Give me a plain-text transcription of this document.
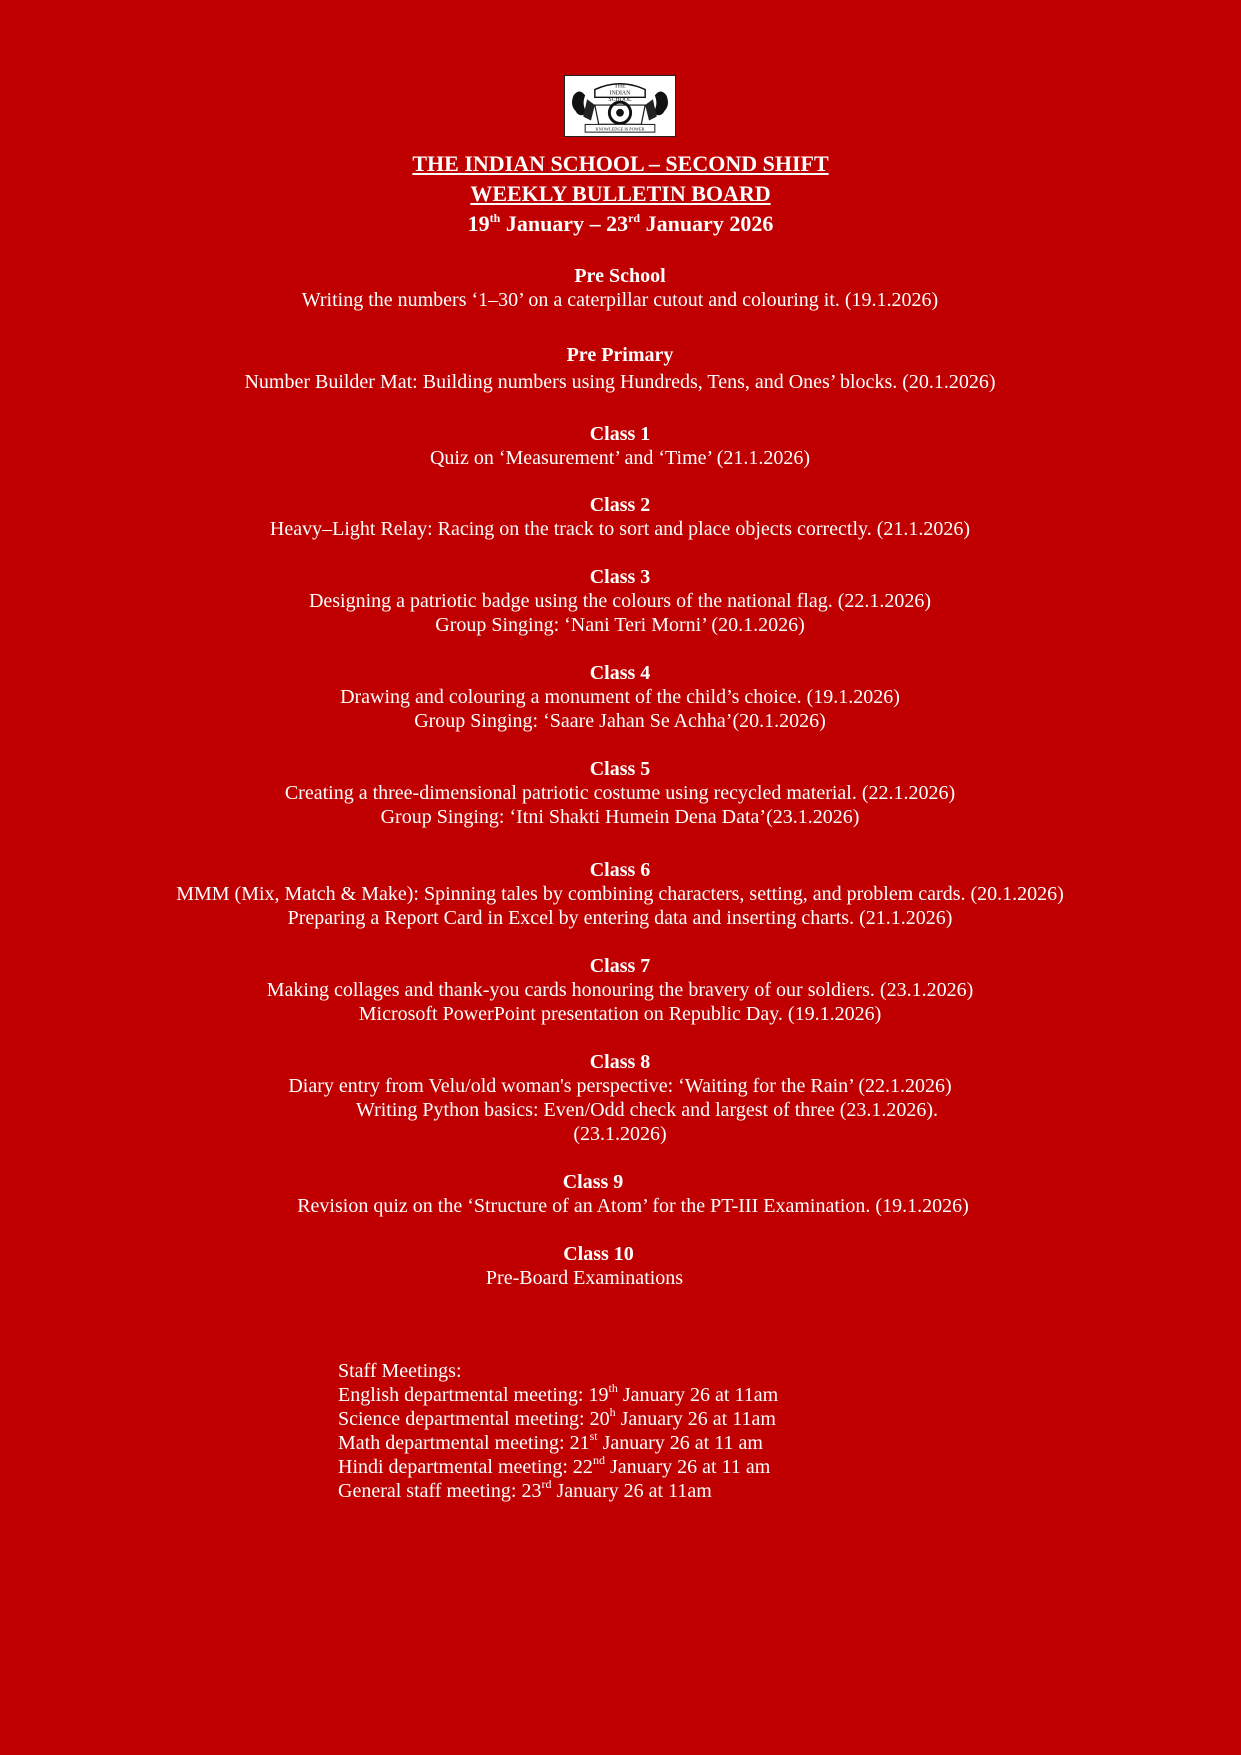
THE
INDIAN
SCHOOL
KNOWLEDGE IS POWER
THE INDIAN SCHOOL – SECOND SHIFT
WEEKLY BULLETIN BOARD
19th January – 23rd January 2026
Pre School
Writing the numbers ‘1–30’ on a caterpillar cutout and colouring it. (19.1.2026)
Pre Primary
Number Builder Mat: Building numbers using Hundreds, Tens, and Ones’ blocks. (20.1.2026)
Class 1
Quiz on ‘Measurement’ and ‘Time’ (21.1.2026)
Class 2
Heavy–Light Relay: Racing on the track to sort and place objects correctly. (21.1.2026)
Class 3
Designing a patriotic badge using the colours of the national flag. (22.1.2026)
Group Singing: ‘Nani Teri Morni’ (20.1.2026)
Class 4
Drawing and colouring a monument of the child’s choice. (19.1.2026)
Group Singing: ‘Saare Jahan Se Achha’(20.1.2026)
Class 5
Creating a three-dimensional patriotic costume using recycled material. (22.1.2026)
Group Singing: ‘Itni Shakti Humein Dena Data’(23.1.2026)
Class 6
MMM (Mix, Match & Make): Spinning tales by combining characters, setting, and problem cards. (20.1.2026)
Preparing a Report Card in Excel by entering data and inserting charts. (21.1.2026)
Class 7
Making collages and thank-you cards honouring the bravery of our soldiers. (23.1.2026)
Microsoft PowerPoint presentation on Republic Day. (19.1.2026)
Class 8
Diary entry from Velu/old woman's perspective: ‘Waiting for the Rain’ (22.1.2026)
Writing Python basics: Even/Odd check and largest of three (23.1.2026).
(23.1.2026)
Class 9
Revision quiz on the ‘Structure of an Atom’ for the PT-III Examination. (19.1.2026)
Class 10
Pre-Board Examinations
Staff Meetings:
English departmental meeting: 19th January 26 at 11am
Science departmental meeting: 20$^h$ January 26 at 11am
Math departmental meeting: 21st January 26 at 11 am
Hindi departmental meeting: 22nd January 26 at 11 am
General staff meeting: 23rd January 26 at 11am
